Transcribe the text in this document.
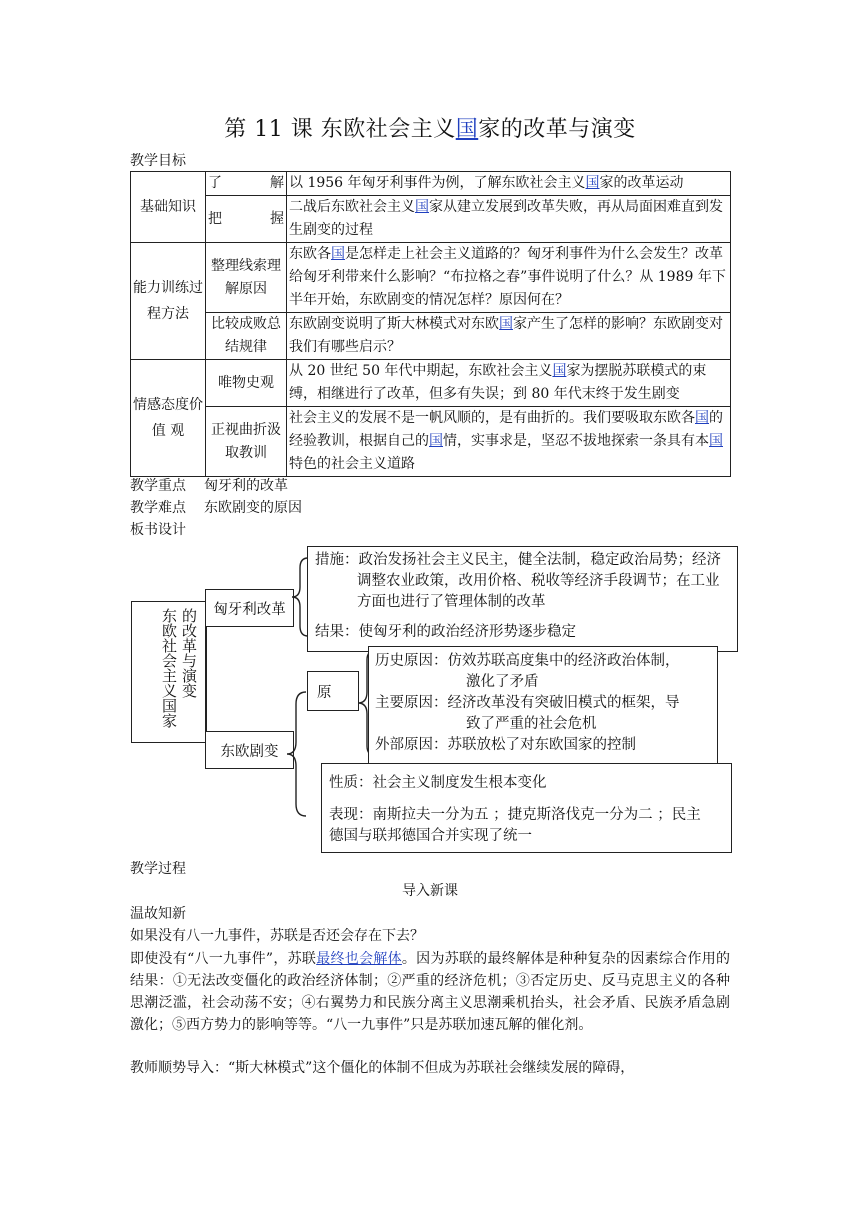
第 11 课 东欧社会主义国家的改革与演变
教学目标
基础知识	了解	以 1956 年匈牙利事件为例，了解东欧社会主义国家的改革运动
	把握	二战后东欧社会主义国家从建立发展到改革失败，再从局面困难直到发生剧变的过程
能力训练过程方法	整理线索理解原因	东欧各国是怎样走上社会主义道路的？匈牙利事件为什么会发生？改革给匈牙利带来什么影响？“布拉格之春”事件说明了什么？从 1989 年下半年开始，东欧剧变的情况怎样？原因何在？
	比较成败总结规律	东欧剧变说明了斯大林模式对东欧国家产生了怎样的影响？东欧剧变对我们有哪些启示？
情感态度价 值 观	唯物史观	从 20 世纪 50 年代中期起，东欧社会主义国家为摆脱苏联模式的束缚，相继进行了改革，但多有失误；到 80 年代末终于发生剧变
	正视曲折汲取教训	社会主义的发展不是一帆风顺的，是有曲折的。我们要吸取东欧各国的经验教训，根据自己的国情，实事求是，坚忍不拔地探索一条具有本国特色的社会主义道路
教学重点 匈牙利的改革
教学难点 东欧剧变的原因
板书设计
东欧社会主义国家 的改革与演变	匈牙利改革
措施：政治发扬社会主义民主，健全法制，稳定政治局势；经济调整农业政策，改用价格、税收等经济手段调节；在工业方面也进行了管理体制的改革
结果：使匈牙利的政治经济形势逐步稳定
东欧剧变
原
历史原因：仿效苏联高度集中的经济政治体制，
激化了矛盾
主要原因：经济改革没有突破旧模式的框架，导
致了严重的社会危机
外部原因：苏联放松了对东欧国家的控制
性质：社会主义制度发生根本变化
表现：南斯拉夫一分为五 ；捷克斯洛伐克一分为二 ；民主
德国与联邦德国合并实现了统一
教学过程
导入新课
温故知新
如果没有八一九事件，苏联是否还会存在下去？
即使没有“八一九事件”，苏联最终也会解体。因为苏联的最终解体是种种复杂的因素综合作用的结果：①无法改变僵化的政治经济体制；②严重的经济危机；③否定历史、反马克思主义的各种思潮泛滥，社会动荡不安；④右翼势力和民族分离主义思潮乘机抬头，社会矛盾、民族矛盾急剧激化；⑤西方势力的影响等等。“八一九事件”只是苏联加速瓦解的催化剂。
教师顺势导入：“斯大林模式”这个僵化的体制不但成为苏联社会继续发展的障碍，
